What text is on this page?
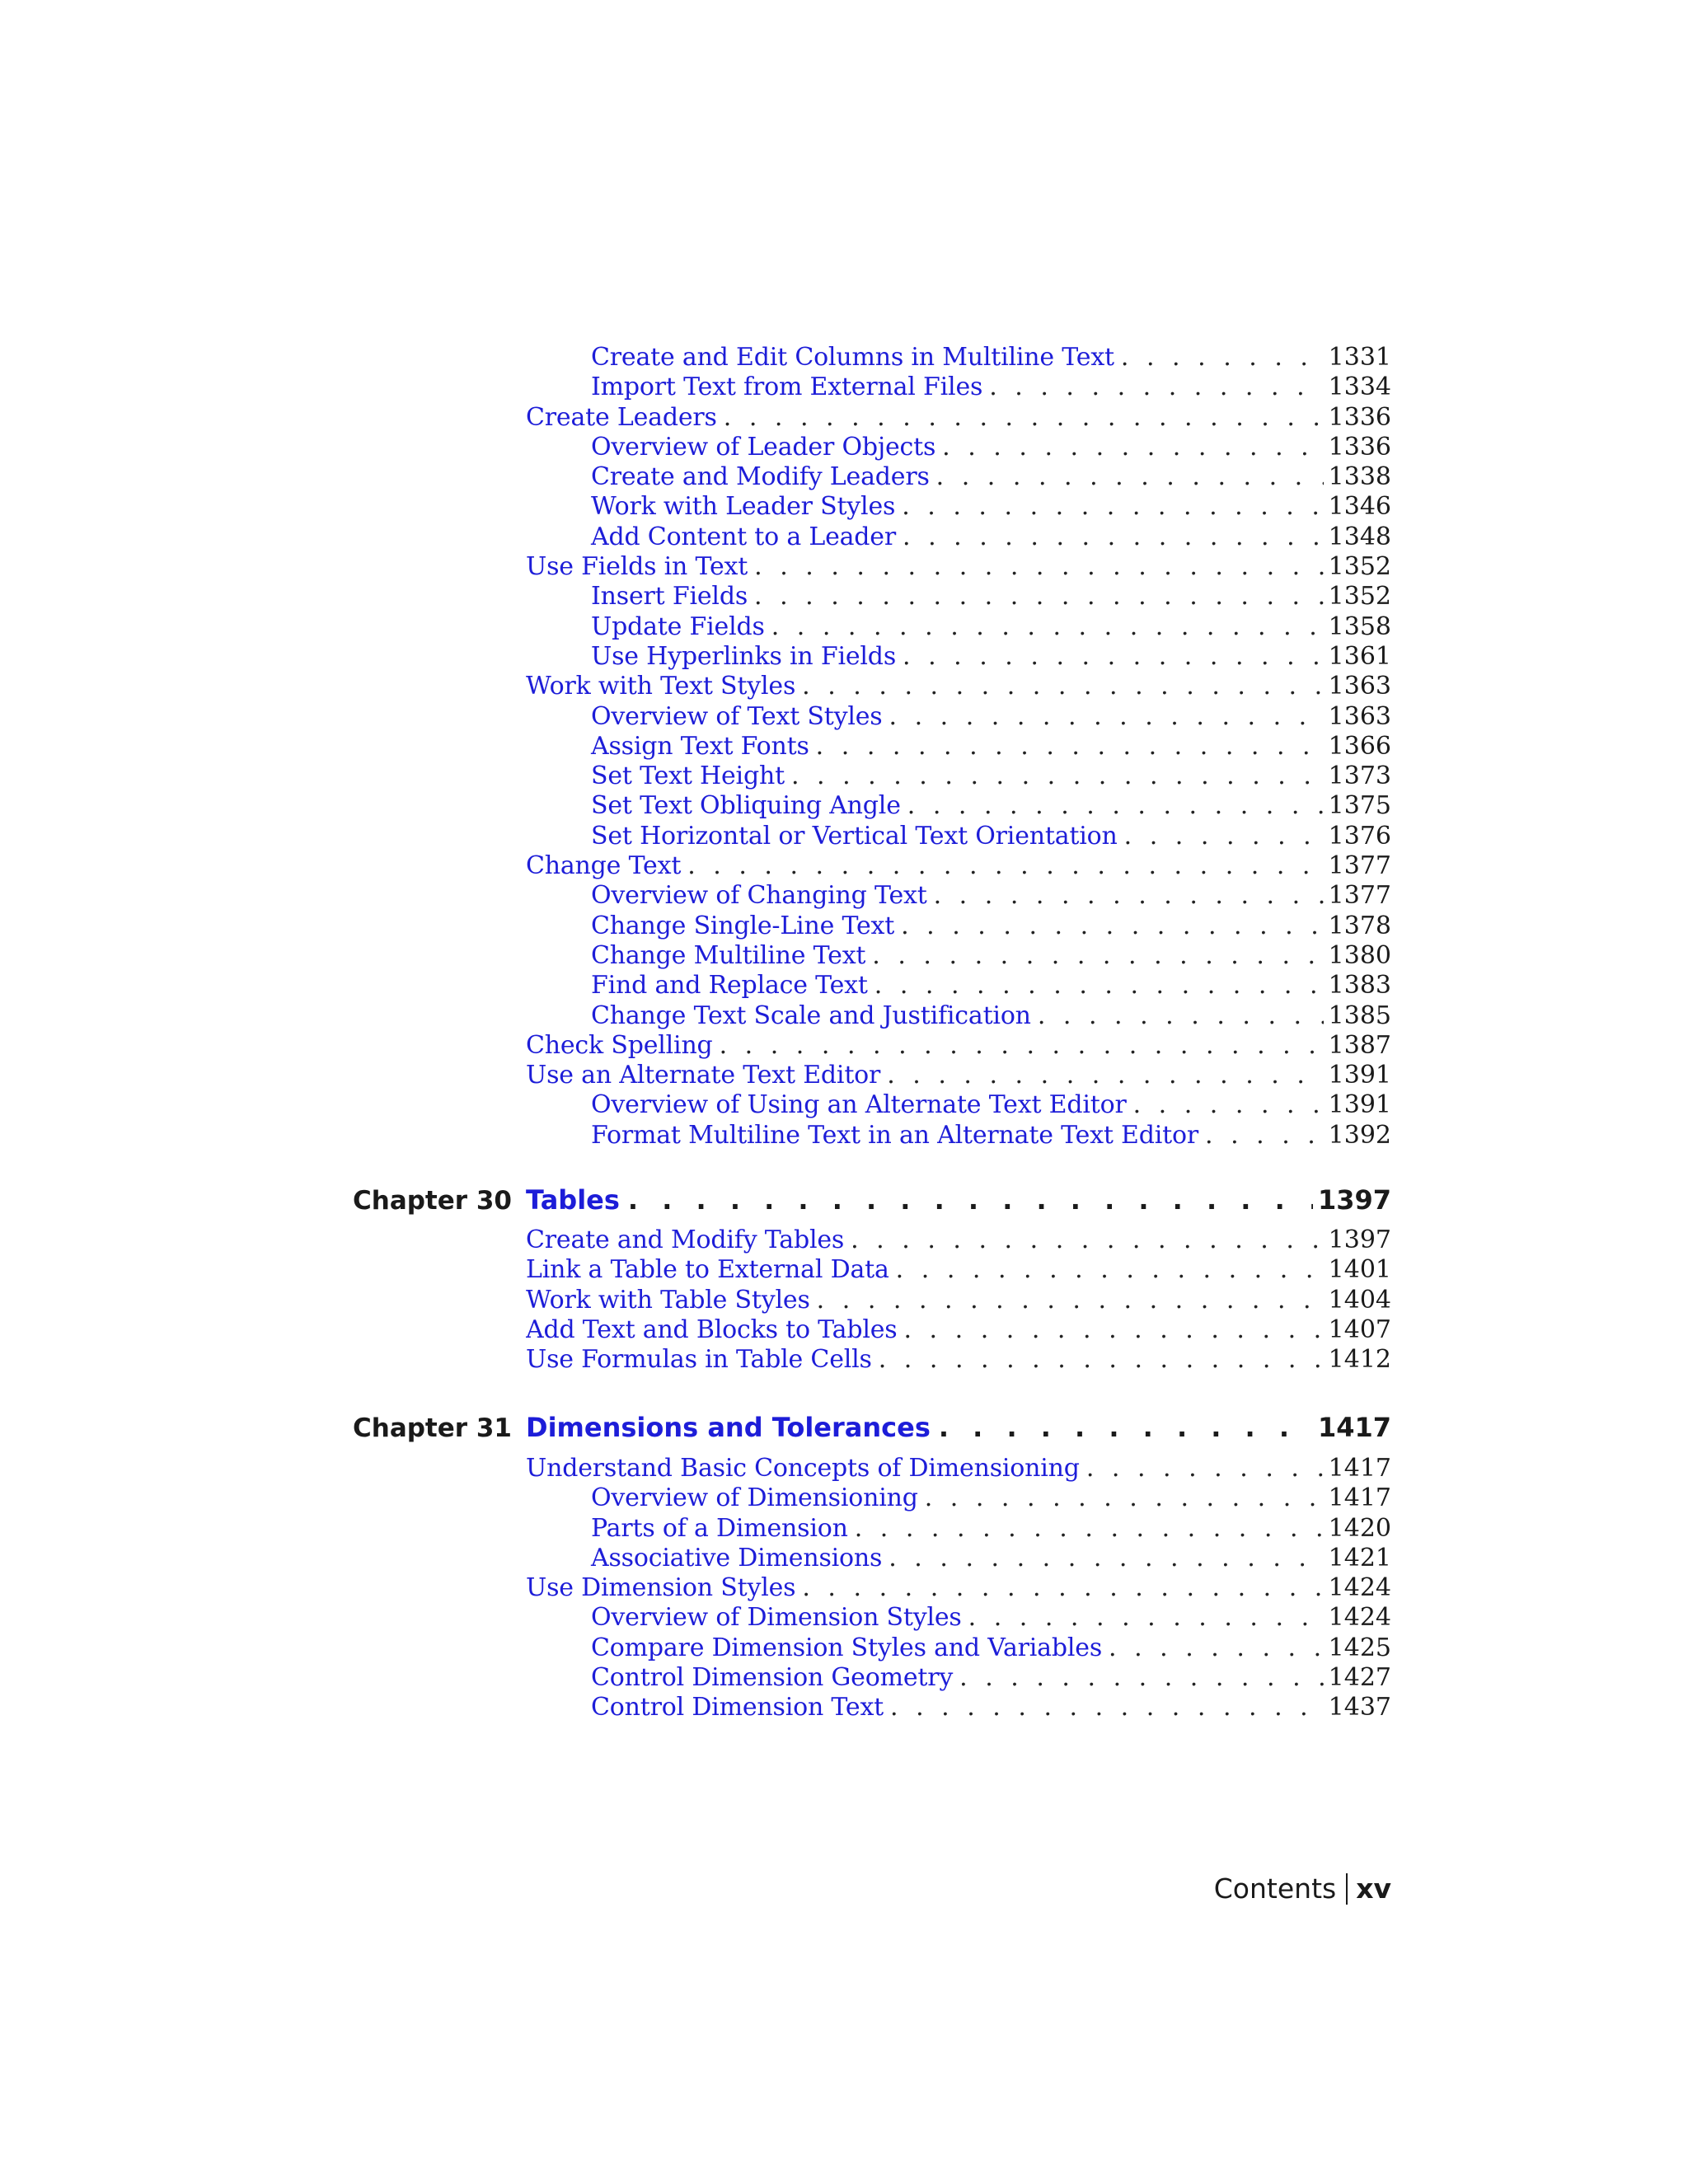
Create and Edit Columns in Multiline Text . . .	1331
Import Text from External Files . . .	1334
Create Leaders . . .	1336
Overview of Leader Objects . . .	1336
Create and Modify Leaders . . .	1338
Work with Leader Styles . . .	1346
Add Content to a Leader . . .	1348
Use Fields in Text . . .	1352
Insert Fields . . .	1352
Update Fields . . .	1358
Use Hyperlinks in Fields . . .	1361
Work with Text Styles . . .	1363
Overview of Text Styles . . .	1363
Assign Text Fonts . . .	1366
Set Text Height . . .	1373
Set Text Obliquing Angle . . .	1375
Set Horizontal or Vertical Text Orientation . . .	1376
Change Text . . .	1377
Overview of Changing Text . . .	1377
Change Single-Line Text . . .	1378
Change Multiline Text . . .	1380
Find and Replace Text . . .	1383
Change Text Scale and Justification . . .	1385
Check Spelling . . .	1387
Use an Alternate Text Editor . . .	1391
Overview of Using an Alternate Text Editor . . .	1391
Format Multiline Text in an Alternate Text Editor . . .	1392
Chapter 30 Tables . . .	1397
Create and Modify Tables . . .	1397
Link a Table to External Data . . .	1401
Work with Table Styles . . .	1404
Add Text and Blocks to Tables . . .	1407
Use Formulas in Table Cells . . .	1412
Chapter 31 Dimensions and Tolerances . . .	1417
Understand Basic Concepts of Dimensioning . . .	1417
Overview of Dimensioning . . .	1417
Parts of a Dimension . . .	1420
Associative Dimensions . . .	1421
Use Dimension Styles . . .	1424
Overview of Dimension Styles . . .	1424
Compare Dimension Styles and Variables . . .	1425
Control Dimension Geometry . . .	1427
Control Dimension Text . . .	1437
Contents xv
